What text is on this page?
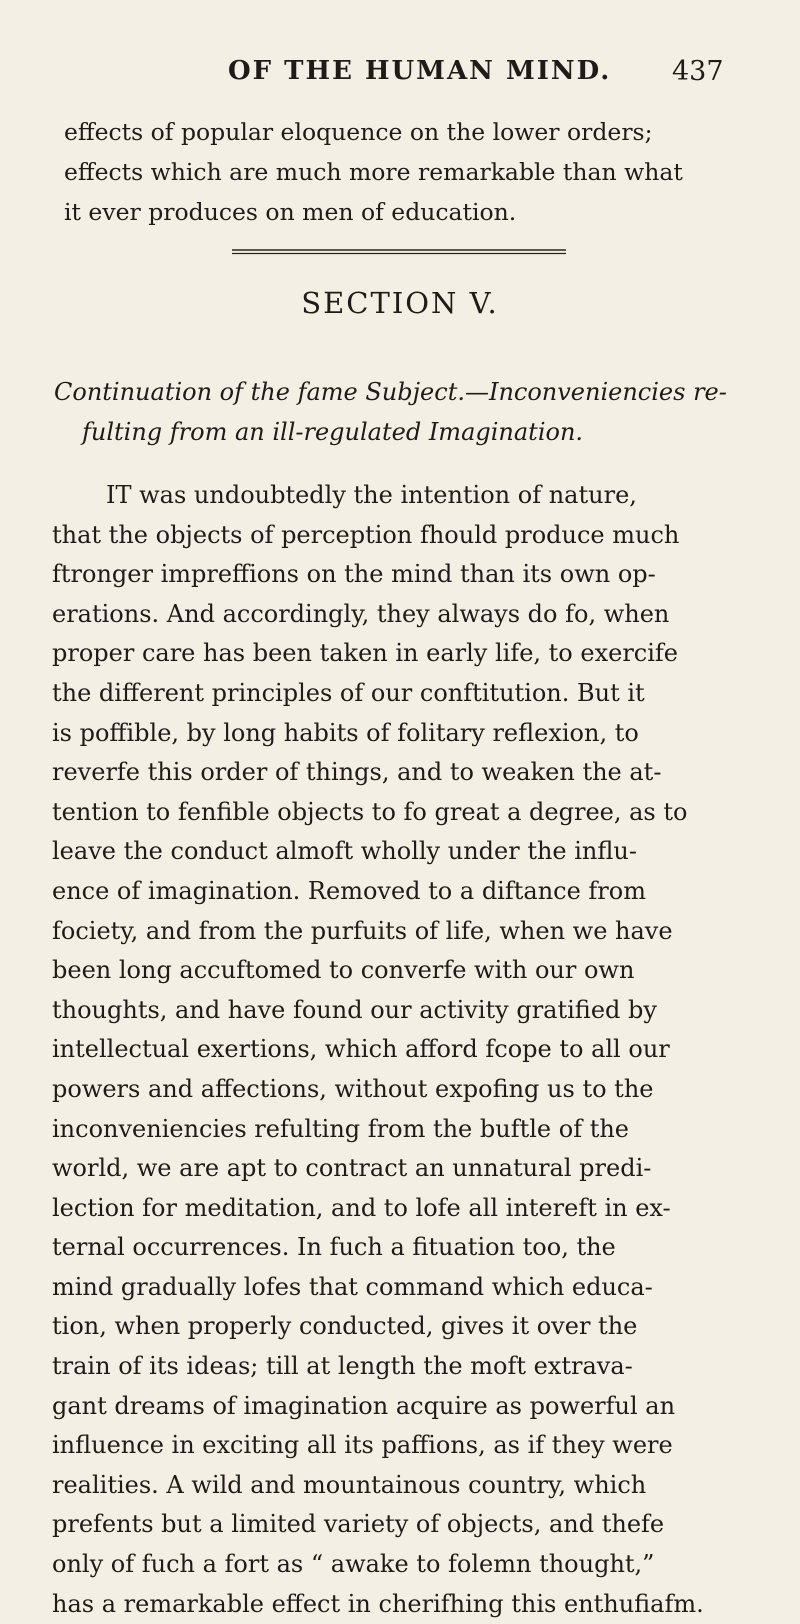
OF THE HUMAN MIND. 437
effects of popular eloquence on the lower orders;
effects which are much more remarkable than what
it ever produces on men of education.
SECTION V.
Continuation of the fame Subject.—Inconveniencies re-
fulting from an ill-regulated Imagination.
IT was undoubtedly the intention of nature,
that the objects of perception fhould produce much
ftronger impreffions on the mind than its own op-
erations. And accordingly, they always do fo, when
proper care has been taken in early life, to exercife
the different principles of our conftitution. But it
is poffible, by long habits of folitary reflexion, to
reverfe this order of things, and to weaken the at-
tention to fenfible objects to fo great a degree, as to
leave the conduct almoft wholly under the influ-
ence of imagination. Removed to a diftance from
fociety, and from the purfuits of life, when we have
been long accuftomed to converfe with our own
thoughts, and have found our activity gratified by
intellectual exertions, which afford fcope to all our
powers and affections, without expofing us to the
inconveniencies refulting from the buftle of the
world, we are apt to contract an unnatural predi-
lection for meditation, and to lofe all intereft in ex-
ternal occurrences. In fuch a fituation too, the
mind gradually lofes that command which educa-
tion, when properly conducted, gives it over the
train of its ideas; till at length the moft extrava-
gant dreams of imagination acquire as powerful an
influence in exciting all its paffions, as if they were
realities. A wild and mountainous country, which
prefents but a limited variety of objects, and thefe
only of fuch a fort as “ awake to folemn thought,”
has a remarkable effect in cherifhing this enthufiafm.
